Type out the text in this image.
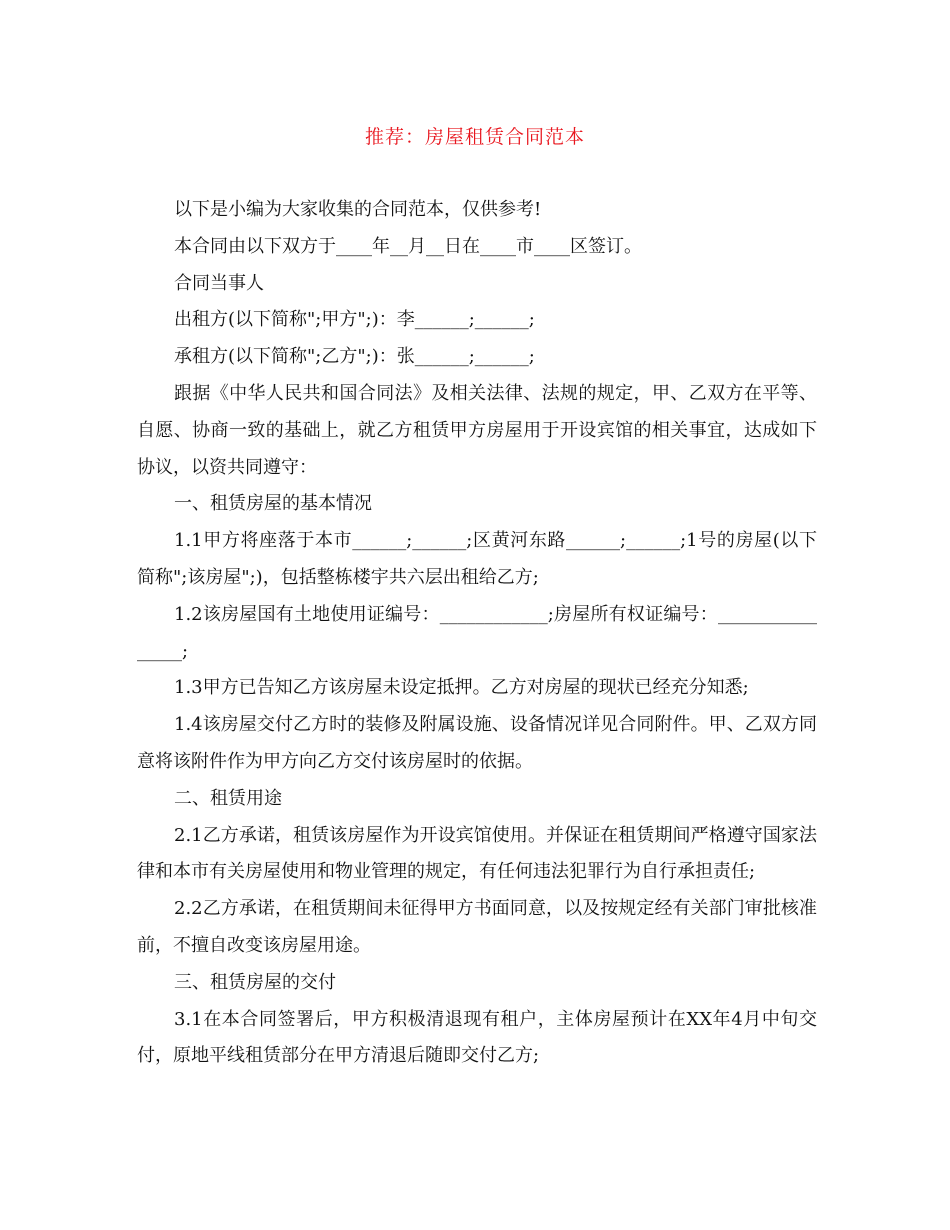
推荐：房屋租赁合同范本

以下是小编为大家收集的合同范本，仅供参考!

本合同由以下双方于____年__月__日在____市____区签订。

合同当事人

出租方(以下简称";甲方";)：李______;______;

承租方(以下简称";乙方";)：张______;______;

跟据《中华人民共和国合同法》及相关法律、法规的规定，甲、乙双方在平等、自愿、协商一致的基础上，就乙方租赁甲方房屋用于开设宾馆的相关事宜，达成如下协议，以资共同遵守：

一、租赁房屋的基本情况

1.1甲方将座落于本市______;______;区黄河东路______;______;1号的房屋(以下简称";该房屋";)，包括整栋楼宇共六层出租给乙方;

1.2该房屋国有土地使用证编号：____________;房屋所有权证编号：________________;

1.3甲方已告知乙方该房屋未设定抵押。乙方对房屋的现状已经充分知悉;

1.4该房屋交付乙方时的装修及附属设施、设备情况详见合同附件。甲、乙双方同意将该附件作为甲方向乙方交付该房屋时的依据。

二、租赁用途

2.1乙方承诺，租赁该房屋作为开设宾馆使用。并保证在租赁期间严格遵守国家法律和本市有关房屋使用和物业管理的规定，有任何违法犯罪行为自行承担责任;

2.2乙方承诺，在租赁期间未征得甲方书面同意，以及按规定经有关部门审批核准前，不擅自改变该房屋用途。

三、租赁房屋的交付

3.1在本合同签署后，甲方积极清退现有租户，主体房屋预计在XX年4月中旬交付，原地平线租赁部分在甲方清退后随即交付乙方;
